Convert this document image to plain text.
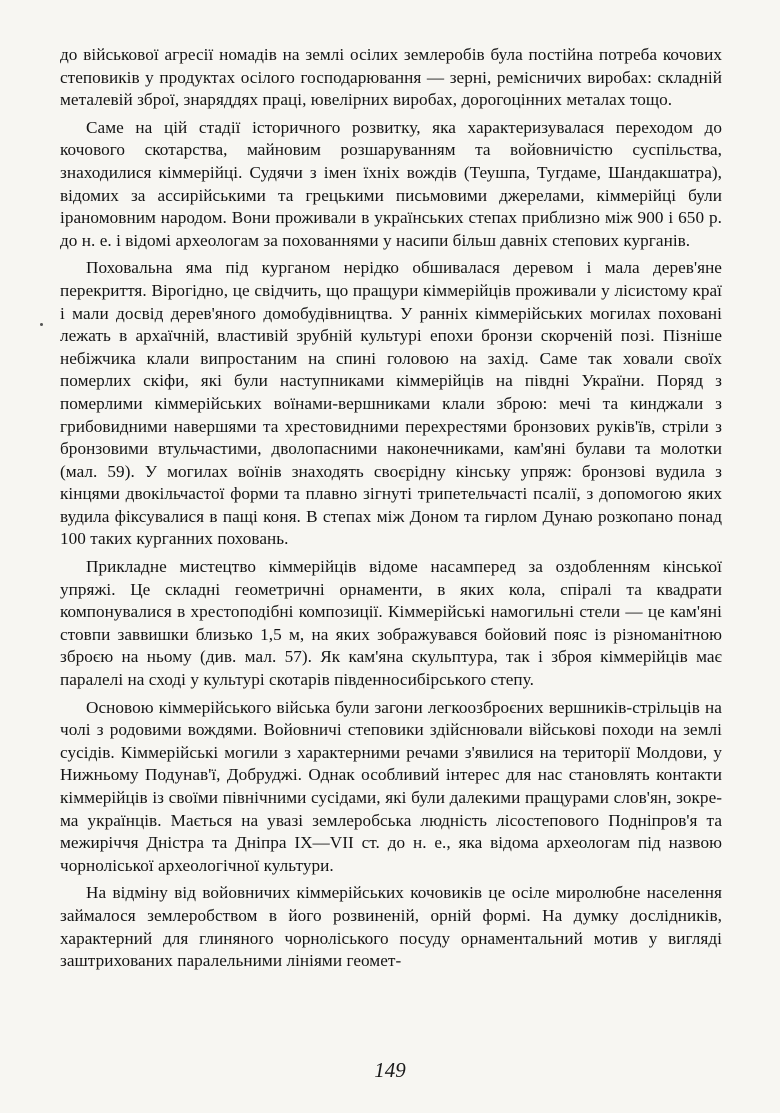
до військової агресії номадів на землі осілих землеробів була постійна потреба кочових степовиків у продуктах осілого господарювання — зерні, ремісничих виробах: складній металевій зброї, знаряддях праці, ювелірних виробах, дорогоцінних металах тощо.

Саме на цій стадії історичного розвитку, яка характеризувалася переходом до кочового скотарства, майновим розшаруванням та войовничістю суспільства, знаходилися кіммерійці. Судячи з імен їхніх вождів (Теушпа, Тугдаме, Шандакшатра), відомих за ассирійськими та грецькими письмовими джерелами, кіммерійці були іраномовним народом. Вони проживали в українських степах приблизно між 900 і 650 р. до н. е. і відомі археологам за похованнями у насипи більш давніх степових курганів.

Поховальна яма під курганом нерідко обшивалася деревом і мала дерев'яне перекриття. Вірогідно, це свідчить, що пращури кіммерійців проживали у лісистому краї і мали досвід дерев'яного домобудівництва. У ранніх кіммерійських могилах поховані лежать в архаїчній, властивій зрубній культурі епохи бронзи скорченій позі. Пізніше небіжчика клали випростаним на спині головою на захід. Саме так ховали своїх померлих скіфи, які були наступниками кіммерійців на півдні України. Поряд з померлими кіммерійських воїнами-вершниками клали зброю: мечі та кинджали з грибовидними навершями та хрестовидними перехрестями бронзових руків'їв, стріли з бронзовими втульчастими, дволопасними наконечниками, кам'яні булави та молотки (мал. 59). У могилах воїнів знаходять своєрідну кінську упряж: бронзові вудила з кінцями двокільчастої форми та плавно зігнуті трипетельчасті псалії, з допомогою яких вудила фіксувалися в пащі коня. В степах між Доном та гирлом Дунаю розкопано понад 100 таких курганних поховань.

Прикладне мистецтво кіммерійців відоме насамперед за оздобленням кінської упряжі. Це складні геометричні орнаменти, в яких кола, спіралі та квадрати компонувалися в хрестоподібні композиції. Кіммерійські намогильні стели — це кам'яні стовпи заввишки близько 1,5 м, на яких зображувався бойовий пояс із різноманітною зброєю на ньому (див. мал. 57). Як кам'яна скульптура, так і зброя кіммерійців має паралелі на сході у культурі скотарів південносибірського степу.

Основою кіммерійського війська були загони легкоозброєних вершників-стрільців на чолі з родовими вождями. Войовничі степовики здійснювали військові походи на землі сусідів. Кіммерійські могили з характерними речами з'явилися на території Молдови, у Нижньому Подунав'ї, Добруджі. Однак особливий інтерес для нас становлять контакти кіммерійців із своїми північними сусідами, які були далекими пращурами слов'ян, зокрема українців. Мається на увазі землеробська людність лісостепового Подніпров'я та межиріччя Дністра та Дніпра IX—VII ст. до н. е., яка відома археологам під назвою чорноліської археологічної культури.

На відміну від войовничих кіммерійських кочовиків це осіле миролюбне населення займалося землеробством в його розвиненій, орній формі. На думку дослідників, характерний для глиняного чорноліського посуду орнаментальний мотив у вигляді заштрихованих паралельними лініями геомет-

149
